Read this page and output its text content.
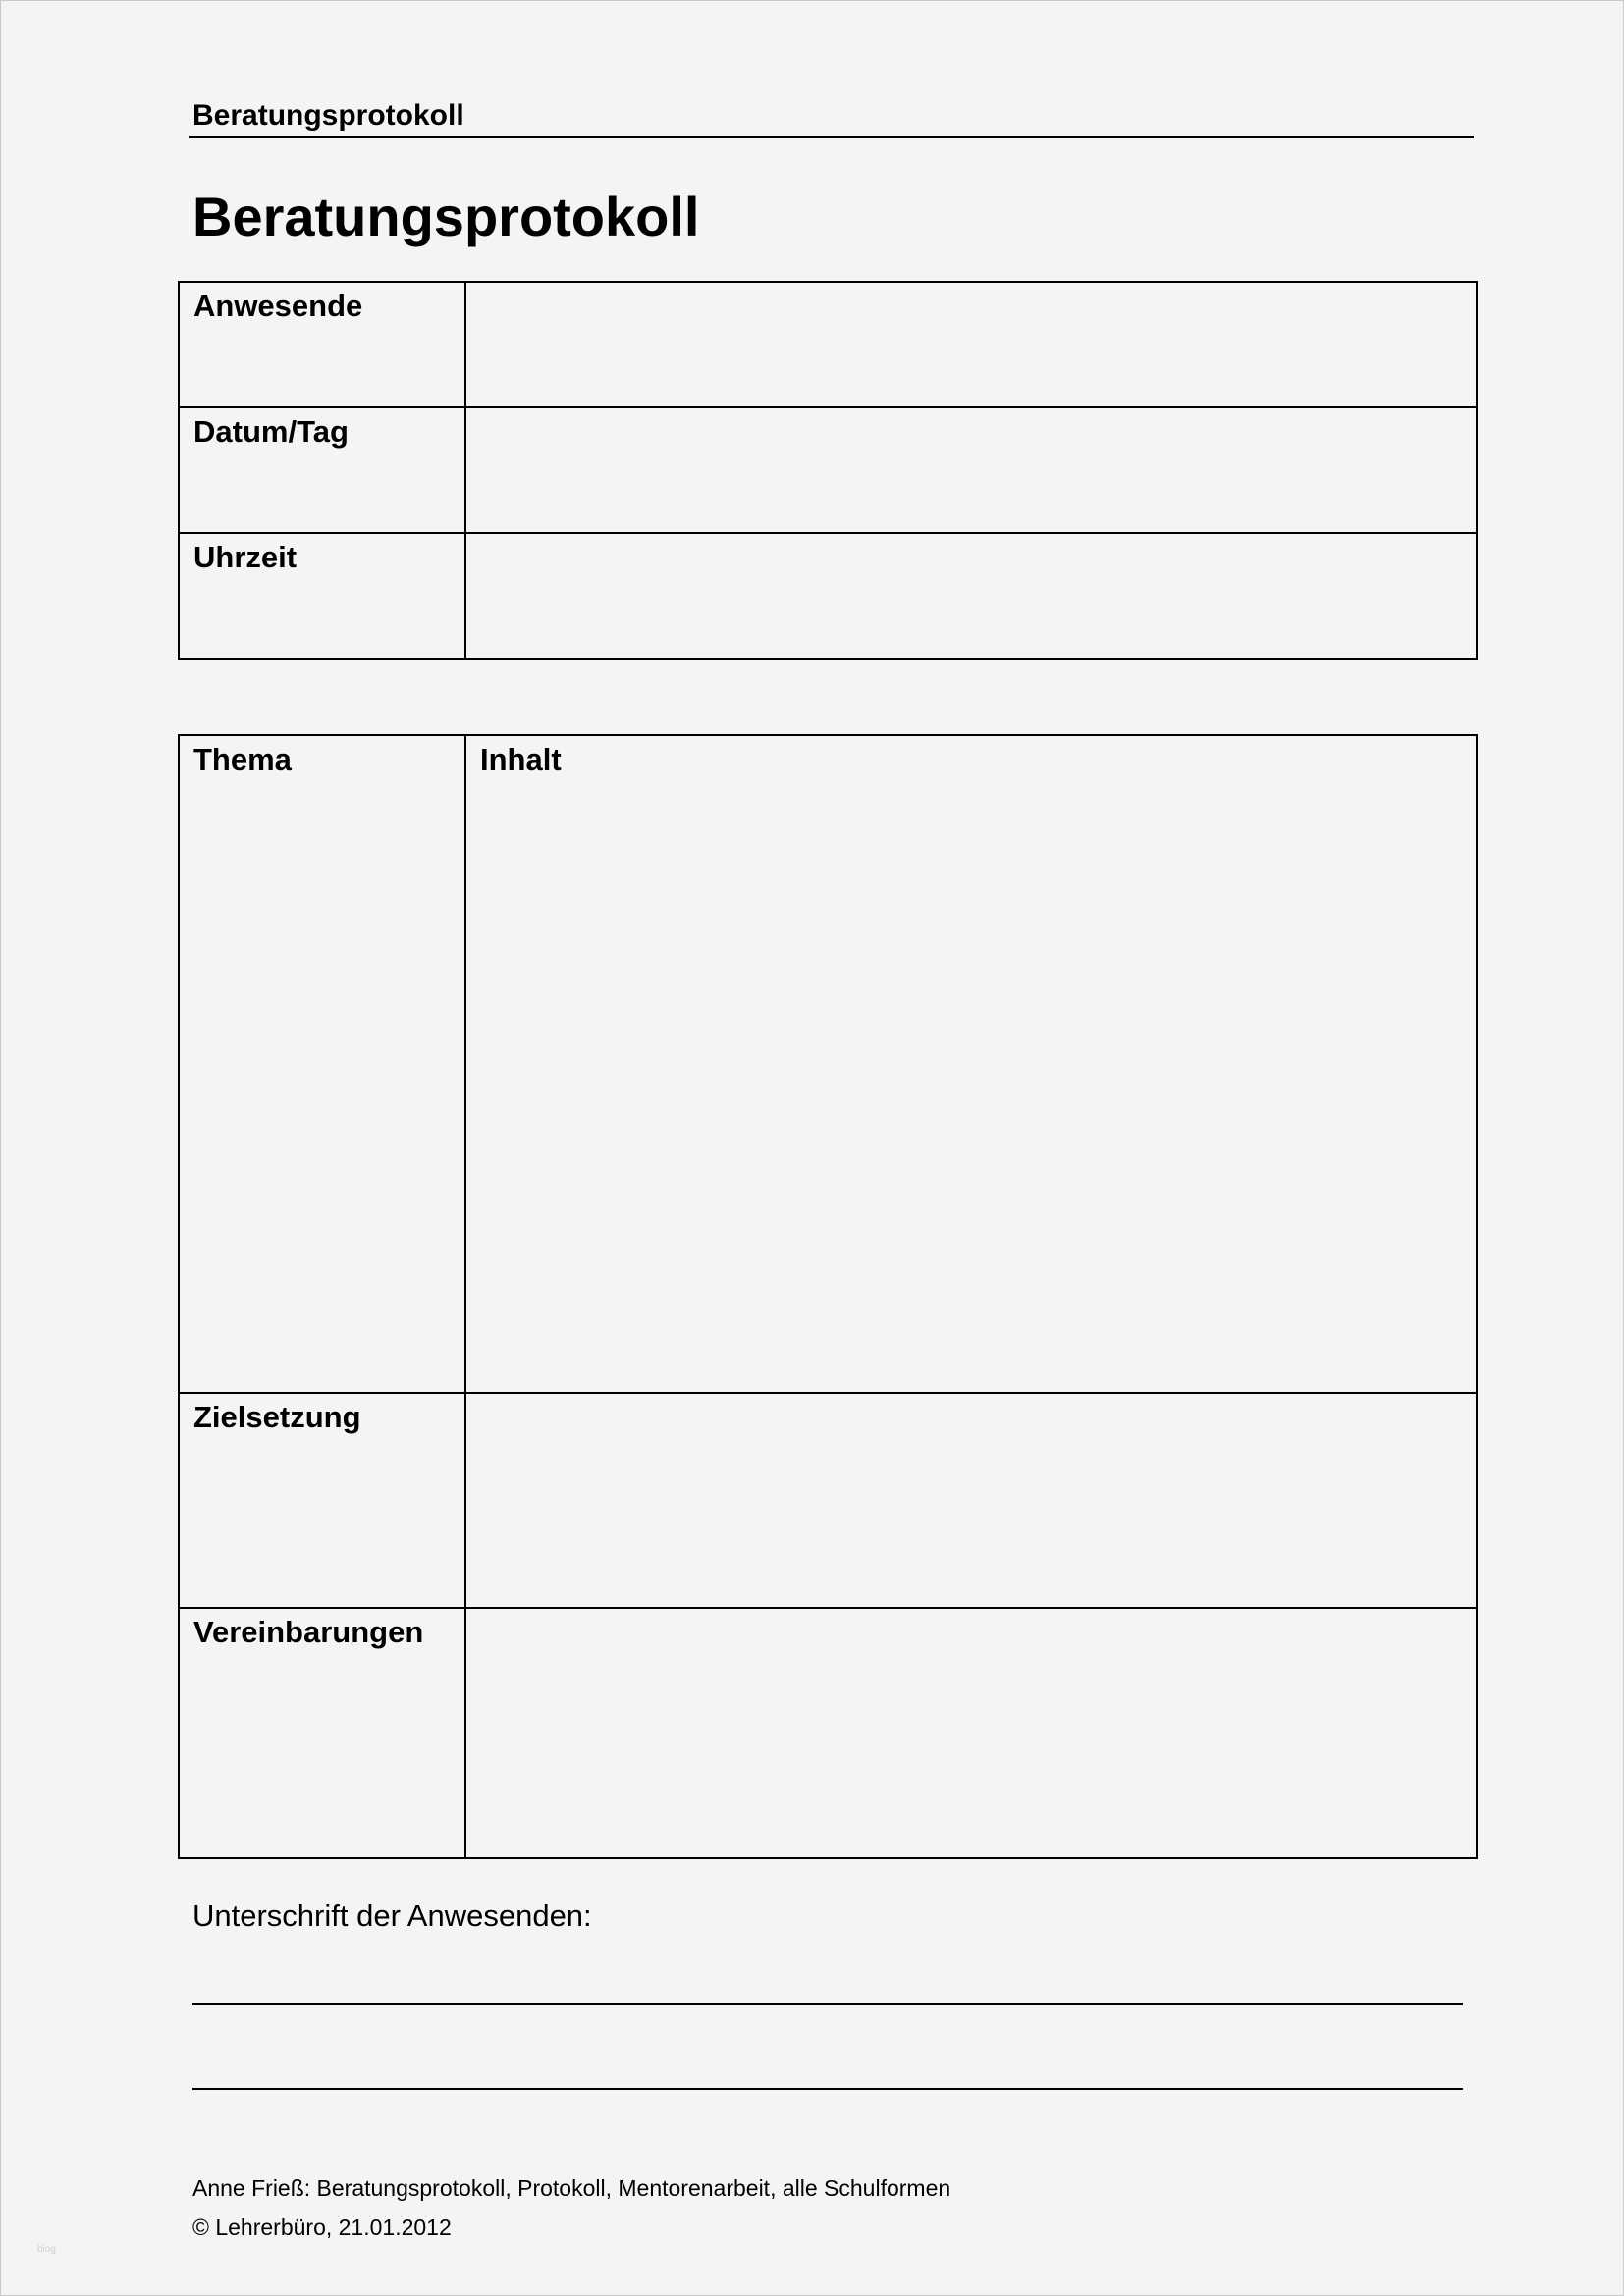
Beratungsprotokoll
Beratungsprotokoll
Anwesende	

Datum/Tag	

Uhrzeit	

Thema	Inhalt

Zielsetzung	

Vereinbarungen	

Unterschrift der Anwesenden:
Anne Frieß: Beratungsprotokoll, Protokoll, Mentorenarbeit, alle Schulformen
© Lehrerbüro, 21.01.2012
blog
